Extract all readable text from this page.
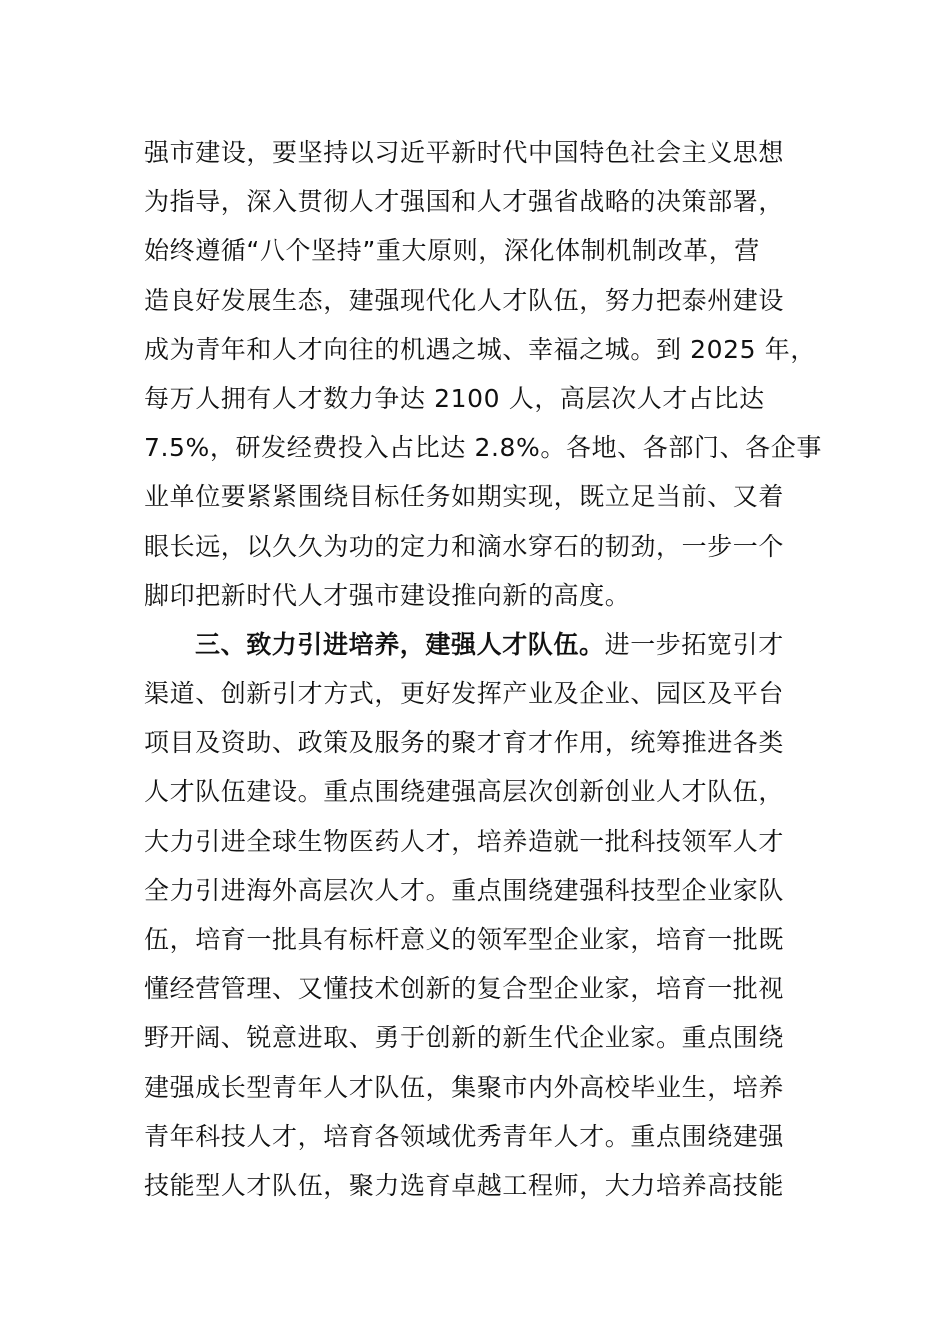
强市建设，要坚持以习近平新时代中国特色社会主义思想
为指导，深入贯彻人才强国和人才强省战略的决策部署，
始终遵循“八个坚持”重大原则，深化体制机制改革，营
造良好发展生态，建强现代化人才队伍，努力把泰州建设
成为青年和人才向往的机遇之城、幸福之城。到 2025 年，
每万人拥有人才数力争达 2100 人，高层次人才占比达
7.5%，研发经费投入占比达 2.8%。各地、各部门、各企事
业单位要紧紧围绕目标任务如期实现，既立足当前、又着
眼长远，以久久为功的定力和滴水穿石的韧劲，一步一个
脚印把新时代人才强市建设推向新的高度。
三、致力引进培养，建强人才队伍。进一步拓宽引才
渠道、创新引才方式，更好发挥产业及企业、园区及平台
项目及资助、政策及服务的聚才育才作用，统筹推进各类
人才队伍建设。重点围绕建强高层次创新创业人才队伍，
大力引进全球生物医药人才，培养造就一批科技领军人才
全力引进海外高层次人才。重点围绕建强科技型企业家队
伍，培育一批具有标杆意义的领军型企业家，培育一批既
懂经营管理、又懂技术创新的复合型企业家，培育一批视
野开阔、锐意进取、勇于创新的新生代企业家。重点围绕
建强成长型青年人才队伍，集聚市内外高校毕业生，培养
青年科技人才，培育各领域优秀青年人才。重点围绕建强
技能型人才队伍，聚力选育卓越工程师，大力培养高技能
